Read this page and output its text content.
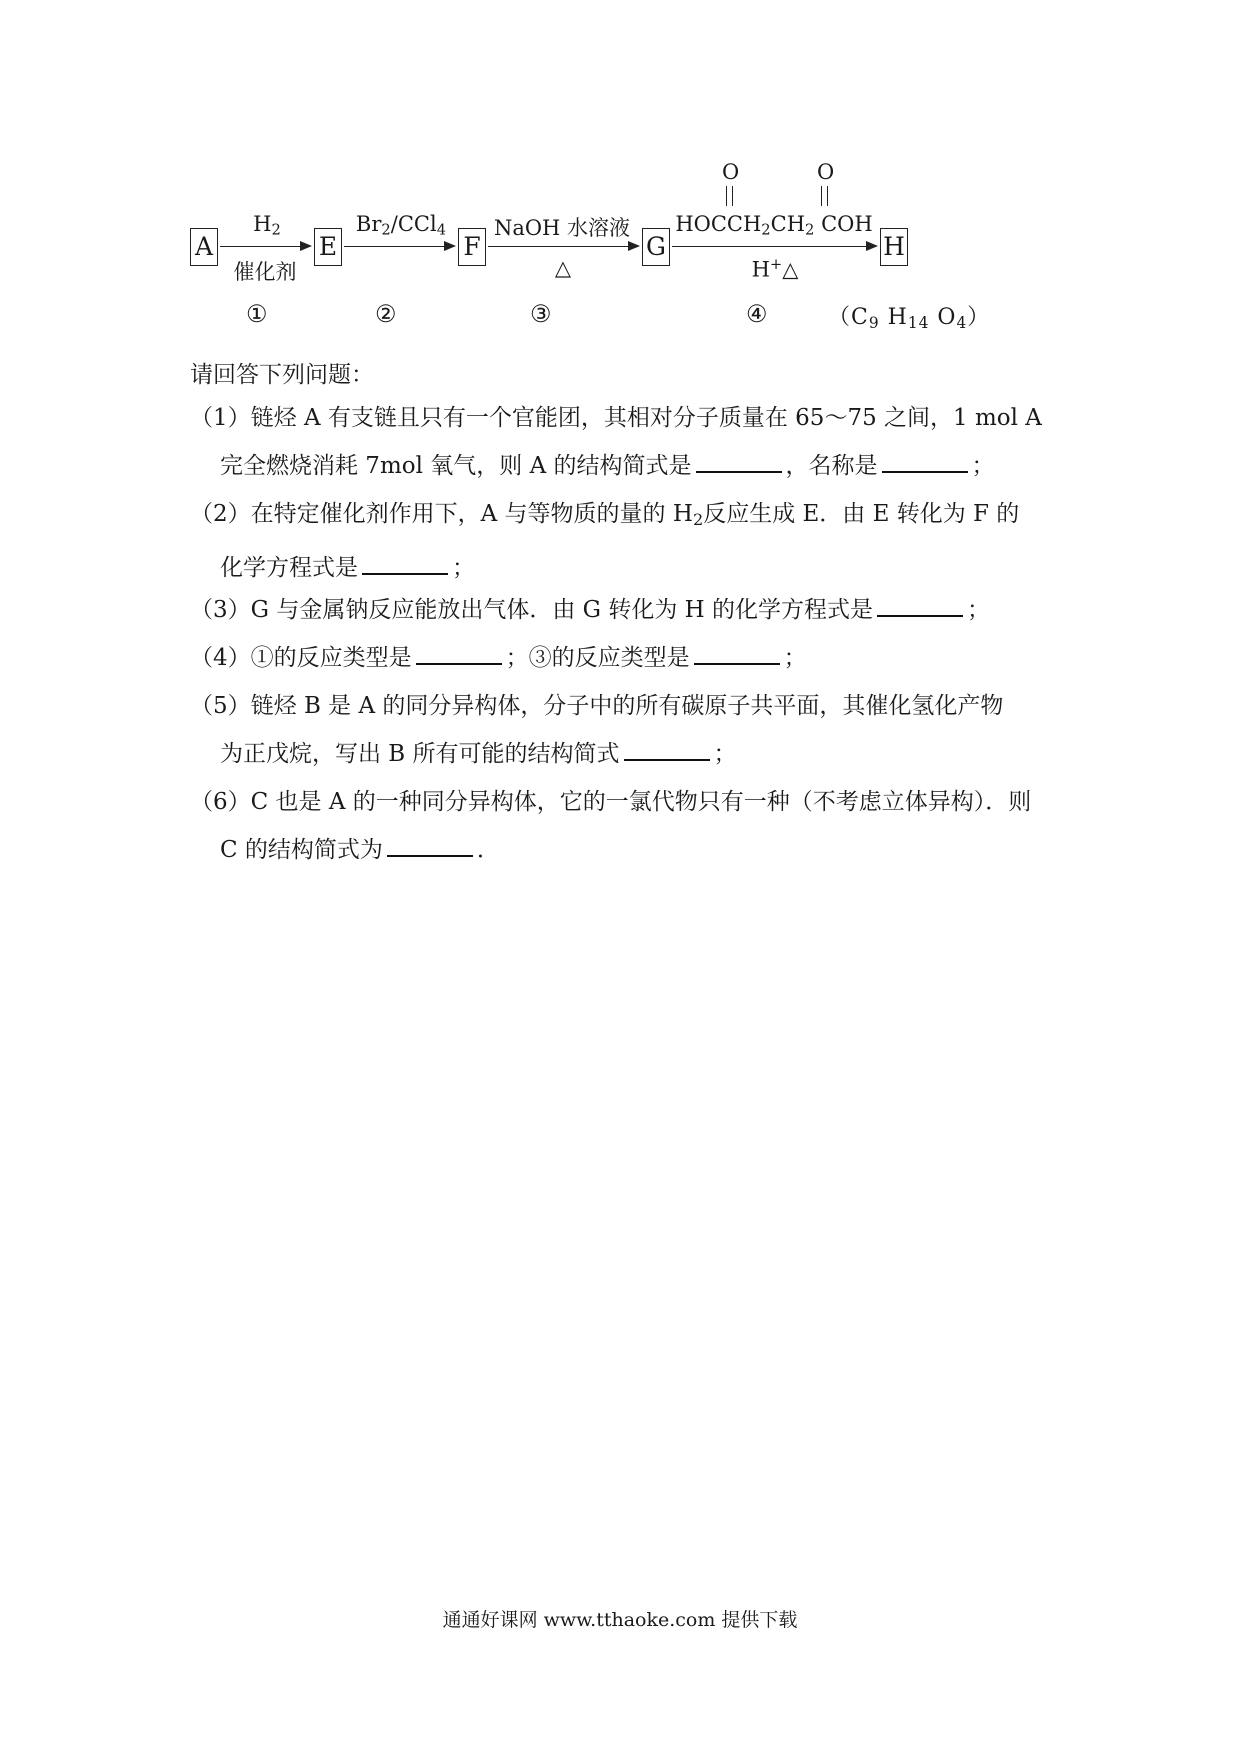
A
$H_2$
催化剂
E
$Br_2/CCl_4$
F
NaOH 水溶液
△
G
O	O
$HOCCH_2CH_2$ COH
H+△
H
①	②	③	④	（$C_9$ $H_{14}$ $O_4$）
请回答下列问题：

（1）链烃 A 有支链且只有一个官能团，其相对分子质量在 65～75 之间，1 mol A

完全燃烧消耗 7mol 氧气，则 A 的结构简式是	，名称是	；

（2）在特定催化剂作用下，A 与等物质的量的 $H_2$反应生成 E．由 E 转化为 F 的

化学方程式是	；

（3）G 与金属钠反应能放出气体．由 G 转化为 H 的化学方程式是	；

（4）①的反应类型是	；③的反应类型是	；

（5）链烃 B 是 A 的同分异构体，分子中的所有碳原子共平面，其催化氢化产物

为正戊烷，写出 B 所有可能的结构简式	；

（6）C 也是 A 的一种同分异构体，它的一氯代物只有一种（不考虑立体异构）．则

C 的结构简式为	．

通通好课网 www.tthaoke.com 提供下载
